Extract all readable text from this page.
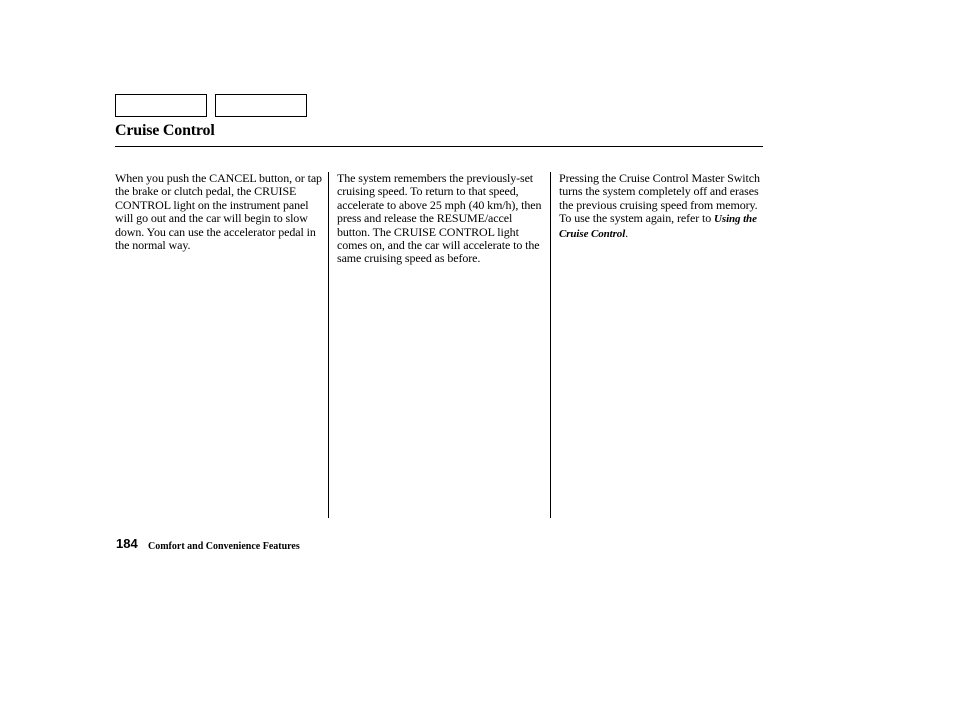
Cruise Control

When you push the CANCEL button, or tap the brake or clutch pedal, the CRUISE CONTROL light on the instrument panel will go out and the car will begin to slow down. You can use the accelerator pedal in the normal way.

The system remembers the previously-set cruising speed. To return to that speed, accelerate to above 25 mph (40 km/h), then press and release the RESUME/accel button. The CRUISE CONTROL light comes on, and the car will accelerate to the same cruising speed as before.

Pressing the Cruise Control Master Switch turns the system completely off and erases the previous cruising speed from memory. To use the system again, refer to Using the Cruise Control.

184 Comfort and Convenience Features
